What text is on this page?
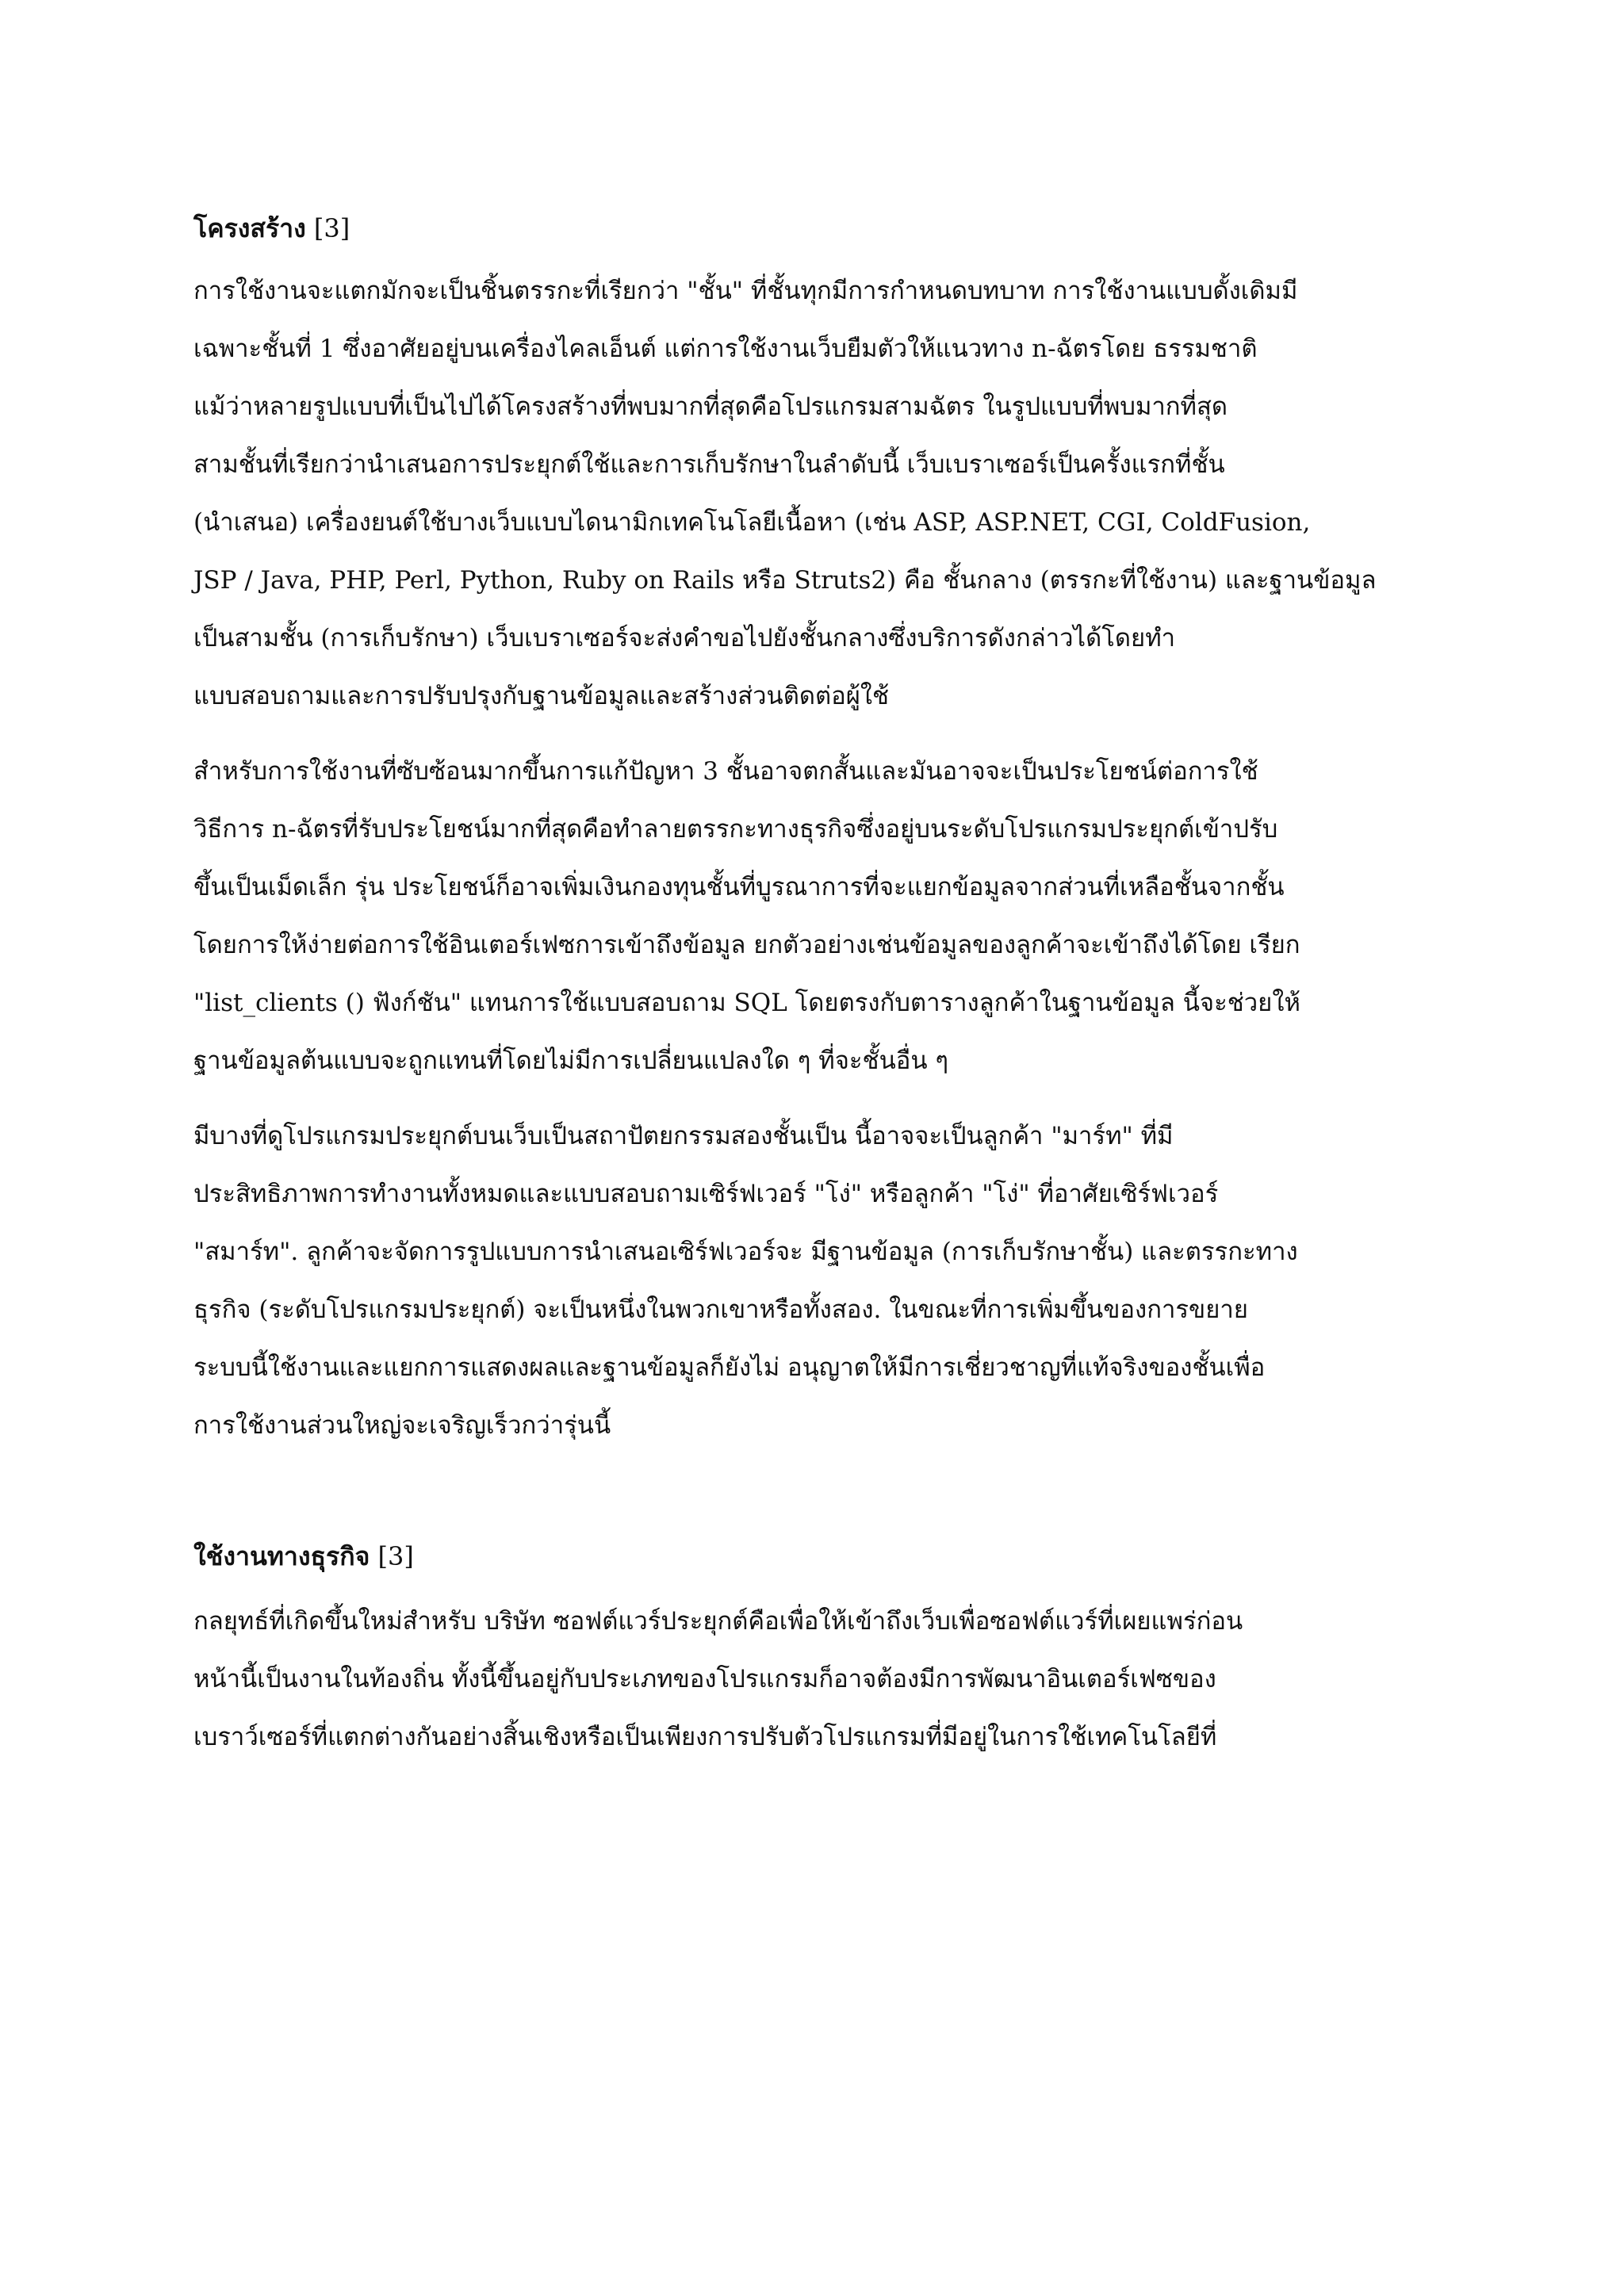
โครงสร้าง [3]
การใช้งานจะแตกมักจะเป็นชิ้นตรรกะที่เรียกว่า "ชั้น" ที่ชั้นทุกมีการกำหนดบทบาท การใช้งานแบบดั้งเดิมมี
เฉพาะชั้นที่ 1 ซึ่งอาศัยอยู่บนเครื่องไคลเอ็นต์ แต่การใช้งานเว็บยืมตัวให้แนวทาง n-ฉัตรโดย ธรรมชาติ
แม้ว่าหลายรูปแบบที่เป็นไปได้โครงสร้างที่พบมากที่สุดคือโปรแกรมสามฉัตร ในรูปแบบที่พบมากที่สุด
สามชั้นที่เรียกว่านำเสนอการประยุกต์ใช้และการเก็บรักษาในลำดับนี้ เว็บเบราเซอร์เป็นครั้งแรกที่ชั้น
(นำเสนอ) เครื่องยนต์ใช้บางเว็บแบบไดนามิกเทคโนโลยีเนื้อหา (เช่น ASP, ASP.NET, CGI, ColdFusion,
JSP / Java, PHP, Perl, Python, Ruby on Rails หรือ Struts2) คือ ชั้นกลาง (ตรรกะที่ใช้งาน) และฐานข้อมูล
เป็นสามชั้น (การเก็บรักษา) เว็บเบราเซอร์จะส่งคำขอไปยังชั้นกลางซึ่งบริการดังกล่าวได้โดยทำ
แบบสอบถามและการปรับปรุงกับฐานข้อมูลและสร้างส่วนติดต่อผู้ใช้
สำหรับการใช้งานที่ซับซ้อนมากขึ้นการแก้ปัญหา 3 ชั้นอาจตกสั้นและมันอาจจะเป็นประโยชน์ต่อการใช้
วิธีการ n-ฉัตรที่รับประโยชน์มากที่สุดคือทำลายตรรกะทางธุรกิจซึ่งอยู่บนระดับโปรแกรมประยุกต์เข้าปรับ
ขึ้นเป็นเม็ดเล็ก รุ่น ประโยชน์ก็อาจเพิ่มเงินกองทุนชั้นที่บูรณาการที่จะแยกข้อมูลจากส่วนที่เหลือชั้นจากชั้น
โดยการให้ง่ายต่อการใช้อินเตอร์เฟซการเข้าถึงข้อมูล ยกตัวอย่างเช่นข้อมูลของลูกค้าจะเข้าถึงได้โดย เรียก
"list_clients () ฟังก์ชัน" แทนการใช้แบบสอบถาม SQL โดยตรงกับตารางลูกค้าในฐานข้อมูล นี้จะช่วยให้
ฐานข้อมูลต้นแบบจะถูกแทนที่โดยไม่มีการเปลี่ยนแปลงใด ๆ ที่จะชั้นอื่น ๆ
มีบางที่ดูโปรแกรมประยุกต์บนเว็บเป็นสถาปัตยกรรมสองชั้นเป็น นี้อาจจะเป็นลูกค้า "มาร์ท" ที่มี
ประสิทธิภาพการทำงานทั้งหมดและแบบสอบถามเซิร์ฟเวอร์ "โง่" หรือลูกค้า "โง่" ที่อาศัยเซิร์ฟเวอร์
"สมาร์ท". ลูกค้าจะจัดการรูปแบบการนำเสนอเซิร์ฟเวอร์จะ มีฐานข้อมูล (การเก็บรักษาชั้น) และตรรกะทาง
ธุรกิจ (ระดับโปรแกรมประยุกต์) จะเป็นหนึ่งในพวกเขาหรือทั้งสอง. ในขณะที่การเพิ่มขึ้นของการขยาย
ระบบนี้ใช้งานและแยกการแสดงผลและฐานข้อมูลก็ยังไม่ อนุญาตให้มีการเชี่ยวชาญที่แท้จริงของชั้นเพื่อ
การใช้งานส่วนใหญ่จะเจริญเร็วกว่ารุ่นนี้
ใช้งานทางธุรกิจ [3]
กลยุทธ์ที่เกิดขึ้นใหม่สำหรับ บริษัท ซอฟต์แวร์ประยุกต์คือเพื่อให้เข้าถึงเว็บเพื่อซอฟต์แวร์ที่เผยแพร่ก่อน
หน้านี้เป็นงานในท้องถิ่น ทั้งนี้ขึ้นอยู่กับประเภทของโปรแกรมก็อาจต้องมีการพัฒนาอินเตอร์เฟซของ
เบราว์เซอร์ที่แตกต่างกันอย่างสิ้นเชิงหรือเป็นเพียงการปรับตัวโปรแกรมที่มีอยู่ในการใช้เทคโนโลยีที่
